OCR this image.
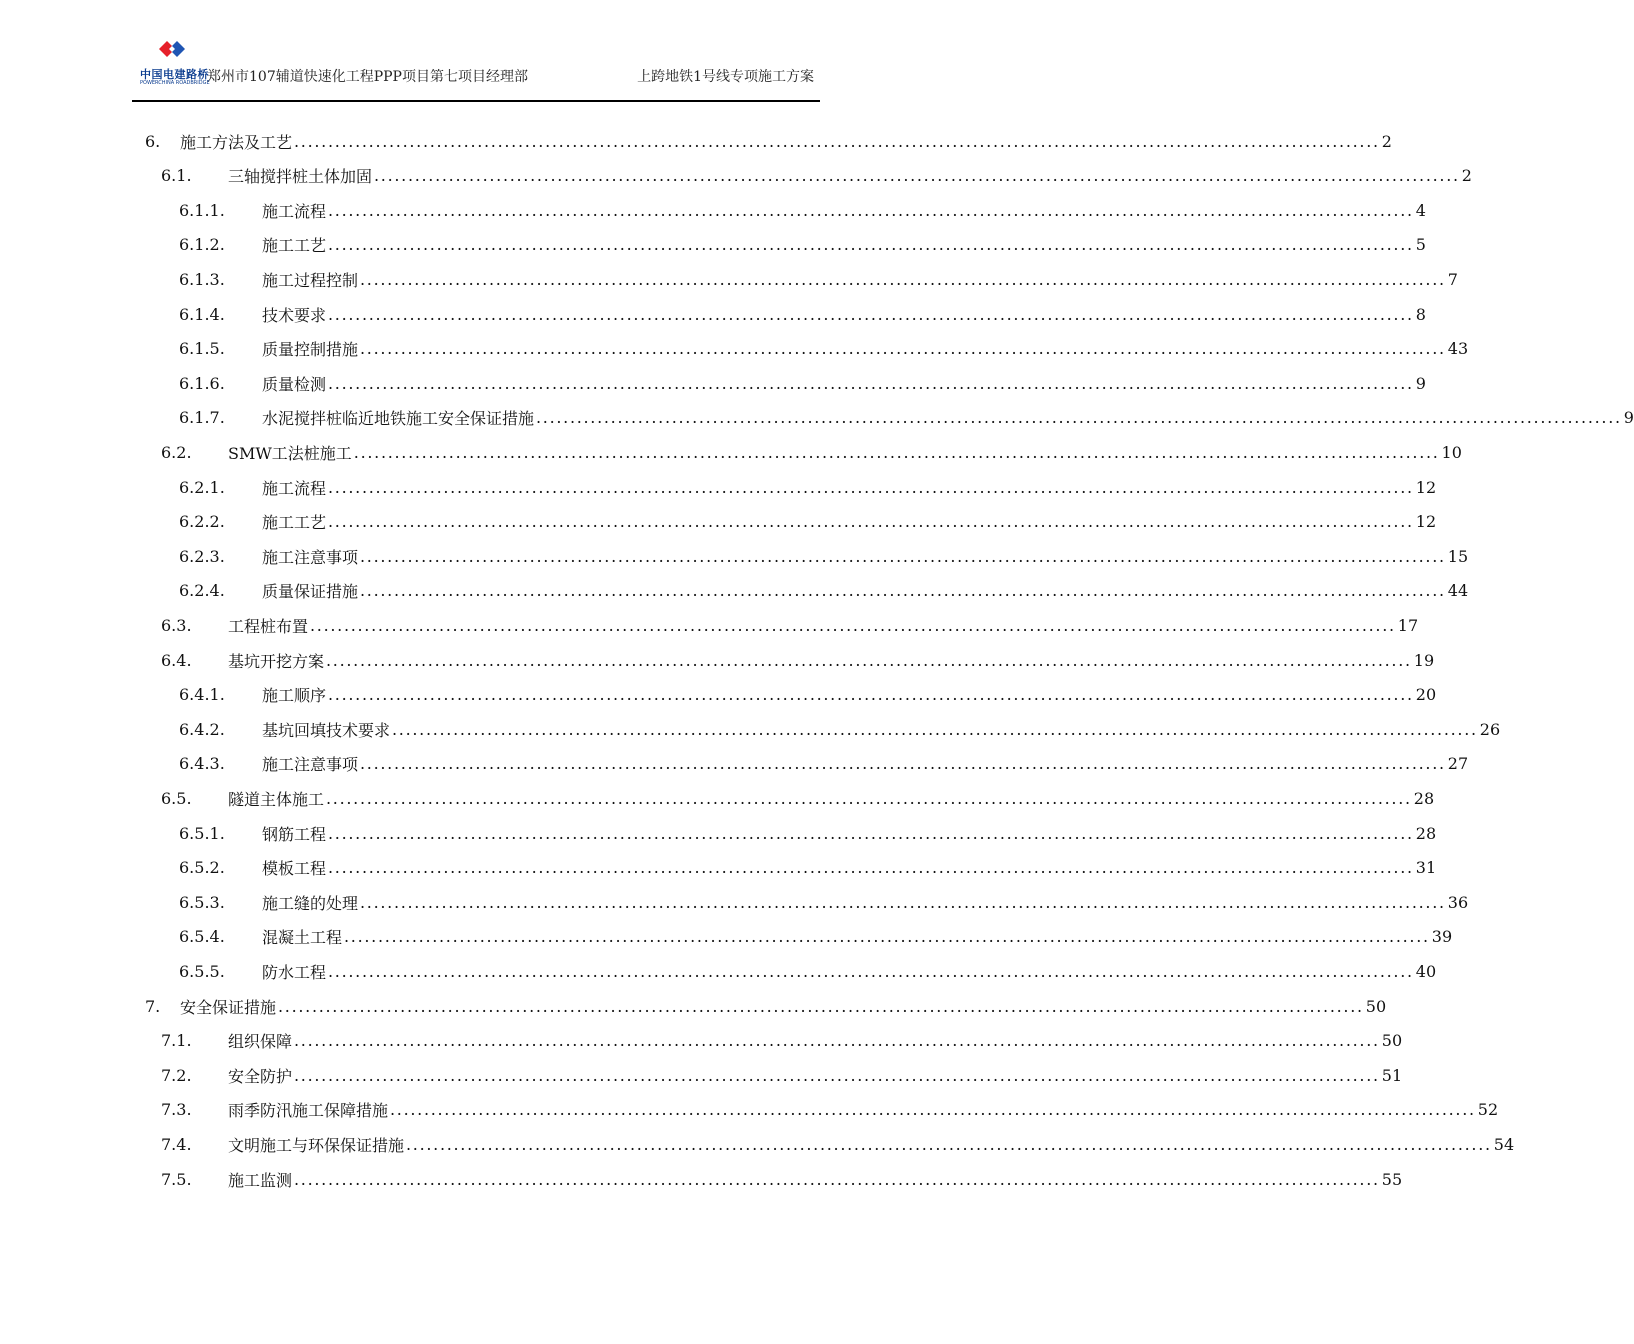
中国电建路桥
POWERCHINA ROADBRIDGE
郑州市107辅道快速化工程PPP项目第七项目经理部	上跨地铁1号线专项施工方案
6.	施工方法及工艺 ................................................................................................................................................................ 2
6.1.	三轴搅拌桩土体加固 ................................................................................................................................................................ 2
6.1.1.	施工流程 ................................................................................................................................................................ 4
6.1.2.	施工工艺 ................................................................................................................................................................ 5
6.1.3.	施工过程控制 ................................................................................................................................................................ 7
6.1.4.	技术要求 ................................................................................................................................................................ 8
6.1.5.	质量控制措施 ................................................................................................................................................................ 43
6.1.6.	质量检测 ................................................................................................................................................................ 9
6.1.7.	水泥搅拌桩临近地铁施工安全保证措施 ................................................................................................................................................................ 9
6.2.	SMW工法桩施工 ................................................................................................................................................................ 10
6.2.1.	施工流程 ................................................................................................................................................................ 12
6.2.2.	施工工艺 ................................................................................................................................................................ 12
6.2.3.	施工注意事项 ................................................................................................................................................................ 15
6.2.4.	质量保证措施 ................................................................................................................................................................ 44
6.3.	工程桩布置 ................................................................................................................................................................ 17
6.4.	基坑开挖方案 ................................................................................................................................................................ 19
6.4.1.	施工顺序 ................................................................................................................................................................ 20
6.4.2.	基坑回填技术要求 ................................................................................................................................................................ 26
6.4.3.	施工注意事项 ................................................................................................................................................................ 27
6.5.	隧道主体施工 ................................................................................................................................................................ 28
6.5.1.	钢筋工程 ................................................................................................................................................................ 28
6.5.2.	模板工程 ................................................................................................................................................................ 31
6.5.3.	施工缝的处理 ................................................................................................................................................................ 36
6.5.4.	混凝土工程 ................................................................................................................................................................ 39
6.5.5.	防水工程 ................................................................................................................................................................ 40
7.	安全保证措施 ................................................................................................................................................................ 50
7.1.	组织保障 ................................................................................................................................................................ 50
7.2.	安全防护 ................................................................................................................................................................ 51
7.3.	雨季防汛施工保障措施 ................................................................................................................................................................ 52
7.4.	文明施工与环保保证措施 ................................................................................................................................................................ 54
7.5.	施工监测 ................................................................................................................................................................ 55
